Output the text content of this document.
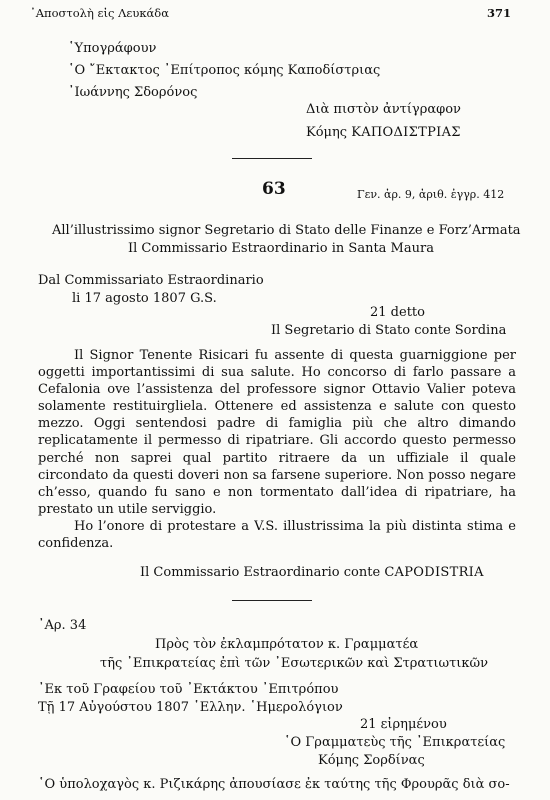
᾿Αποστολὴ εἰς Λευκάδα	371
῾Υπογράφουν
῾Ο ῎Εκτακτος ᾿Επίτροπος κόμης Καποδίστριας
᾿Ιωάννης Σδορόνος
Διὰ πιστὸν ἀντίγραφον
Κόμης ΚΑΠΟΔΙΣΤΡΙΑΣ
63	Γεν. ἀρ. 9, ἀριθ. ἐγγρ. 412
All’illustrissimo signor Segretario di Stato delle Finanze e Forz’Armata
Il Commissario Estraordinario in Santa Maura
Dal Commissariato Estraordinario
li 17 agosto 1807 G.S.
21 detto
Il Segretario di Stato conte Sordina

Il Signor Tenente Risicari fu assente di questa guarniggione per oggetti importantissimi di sua salute. Ho concorso di farlo passare a Cefalonia ove l’assistenza del professore signor Ottavio Valier poteva solamente restituirgliela. Ottenere ed assistenza e salute con questo mezzo. Oggi sentendosi padre di famiglia più che altro dimando replicatamente il permesso di ripatriare. Gli accordo questo permesso perché non saprei qual partito ritraere da un uffiziale il quale circondato da questi doveri non sa farsene superiore. Non posso negare ch’esso, quando fu sano e non tormentato dall’idea di ripatriare, ha prestato un utile serviggio.

Ho l’onore di protestare a V.S. illustrissima la più distinta stima e confidenza.

Il Commissario Estraordinario conte CAPODISTRIA
᾿Αρ. 34
Πρὸς τὸν ἐκλαμπρότατον κ. Γραμματέα
τῆς ᾿Επικρατείας ἐπὶ τῶν ᾿Εσωτερικῶν καὶ Στρατιωτικῶν
᾿Εκ τοῦ Γραφείου τοῦ ᾿Εκτάκτου ᾿Επιτρόπου
Τῇ 17 Αὐγούστου 1807 ῾Ελλην. ῾Ημερολόγιον
21 εἰρημένου
῾Ο Γραμματεὺς τῆς ᾿Επικρατείας
Κόμης Σορδίνας
῾Ο ὑπολοχαγὸς κ. Ριζικάρης ἀπουσίασε ἐκ ταύτης τῆς Φρουρᾶς διὰ σο-
